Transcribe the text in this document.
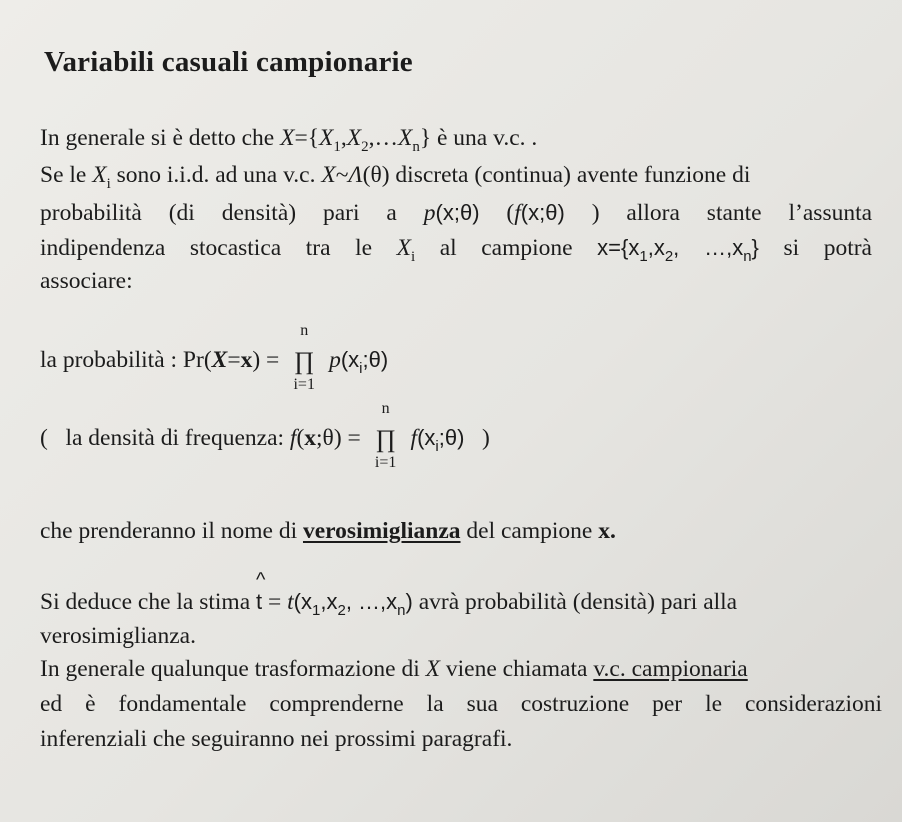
Variabili casuali campionarie
In generale si è detto che $X=\{X_1,X_2,\dots X_n\}$ è una v.c. .
Se le $X_i$ sono i.i.d. ad una v.c. X~Λ(θ) discreta (continua) avente funzione di
probabilità (di densità) pari a p(x;θ) (f(x;θ) ) allora stante l’assunta
indipendenza stocastica tra le $X_i$ al campione $x=\{x_1,x_2$, $\dots,x_n$} si potrà
associare:
la probabilità : Pr(X=x) =
n
∏
i=1
$p(x_i;\theta)$
( la densità di frequenza: f(x;θ) =
n
∏
i=1
$f(x_i;\theta)$ )
che prenderanno il nome di verosimiglianza del campione x.
Si deduce che la stima t
^
= $t(x_1,x_2$, $\dots,x_n$) avrà probabilità (densità) pari alla
verosimiglianza.
In generale qualunque trasformazione di X viene chiamata v.c. campionaria
ed è fondamentale comprenderne la sua costruzione per le considerazioni
inferenziali che seguiranno nei prossimi paragrafi.
